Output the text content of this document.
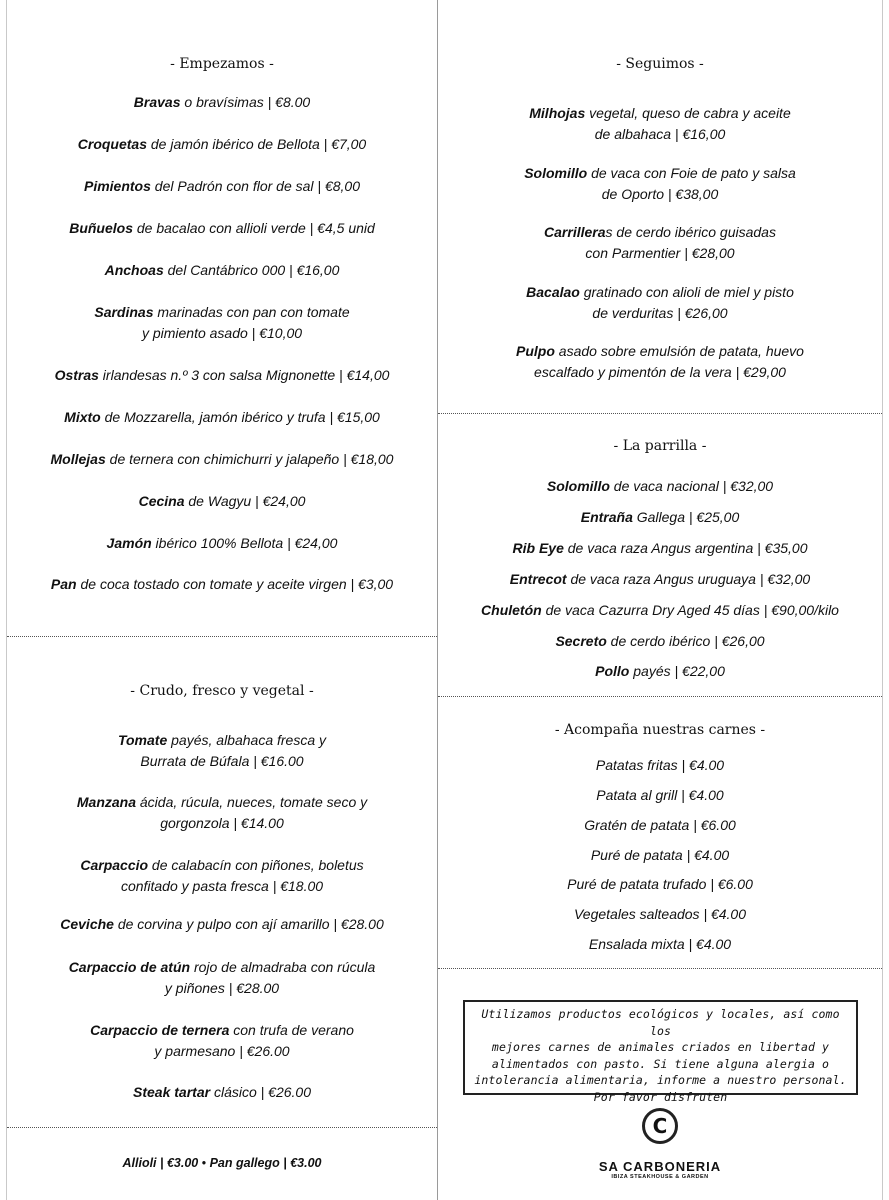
- Empezamos -
Bravas o bravísimas | €8.00
Croquetas de jamón ibérico de Bellota | €7,00
Pimientos del Padrón con flor de sal | €8,00
Buñuelos de bacalao con allioli verde | €4,5 unid
Anchoas del Cantábrico 000 | €16,00
Sardinas marinadas con pan con tomate
y pimiento asado | €10,00
Ostras irlandesas n.º 3 con salsa Mignonette | €14,00
Mixto de Mozzarella, jamón ibérico y trufa | €15,00
Mollejas de ternera con chimichurri y jalapeño | €18,00
Cecina de Wagyu | €24,00
Jamón ibérico 100% Bellota | €24,00
Pan de coca tostado con tomate y aceite virgen | €3,00
- Crudo, fresco y vegetal -
Tomate payés, albahaca fresca y
Burrata de Búfala | €16.00
Manzana ácida, rúcula, nueces, tomate seco y
gorgonzola | €14.00
Carpaccio de calabacín con piñones, boletus
confitado y pasta fresca | €18.00
Ceviche de corvina y pulpo con ají amarillo | €28.00
Carpaccio de atún rojo de almadraba con rúcula
y piñones | €28.00
Carpaccio de ternera con trufa de verano
y parmesano | €26.00
Steak tartar clásico | €26.00
Allioli | €3.00 • Pan gallego | €3.00
- Seguimos -
Milhojas vegetal, queso de cabra y aceite
de albahaca | €16,00
Solomillo de vaca con Foie de pato y salsa
de Oporto | €38,00
Carrilleras de cerdo ibérico guisadas
con Parmentier | €28,00
Bacalao gratinado con alioli de miel y pisto
de verduritas | €26,00
Pulpo asado sobre emulsión de patata, huevo
escalfado y pimentón de la vera | €29,00
- La parrilla -
Solomillo de vaca nacional | €32,00
Entraña Gallega | €25,00
Rib Eye de vaca raza Angus argentina | €35,00
Entrecot de vaca raza Angus uruguaya | €32,00
Chuletón de vaca Cazurra Dry Aged 45 días | €90,00/kilo
Secreto de cerdo ibérico | €26,00
Pollo payés | €22,00
- Acompaña nuestras carnes -
Patatas fritas | €4.00
Patata al grill | €4.00
Gratén de patata | €6.00
Puré de patata | €4.00
Puré de patata trufado | €6.00
Vegetales salteados | €4.00
Ensalada mixta | €4.00
Utilizamos productos ecológicos y locales, así como los
mejores carnes de animales criados en libertad y
alimentados con pasto. Si tiene alguna alergia o
intolerancia alimentaria, informe a nuestro personal.
Por favor disfruten
C
SA CARBONERIA
IBIZA STEAKHOUSE & GARDEN
